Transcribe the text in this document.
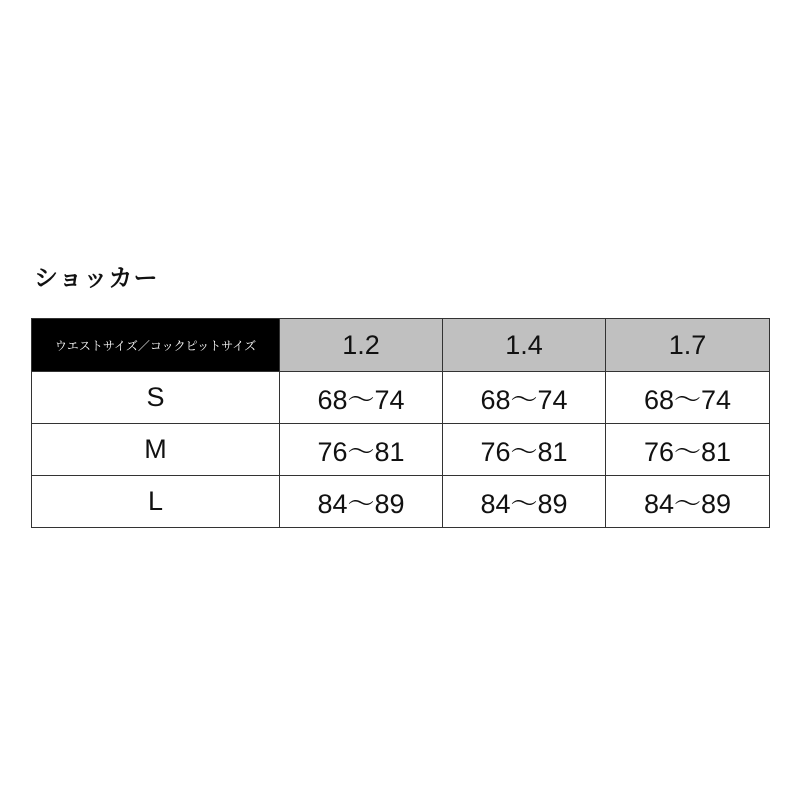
ショッカー
ウエストサイズ／コックピットサイズ	1.2	1.4	1.7
S	68～74	68～74	68～74
M	76～81	76～81	76～81
L	84～89	84～89	84～89
